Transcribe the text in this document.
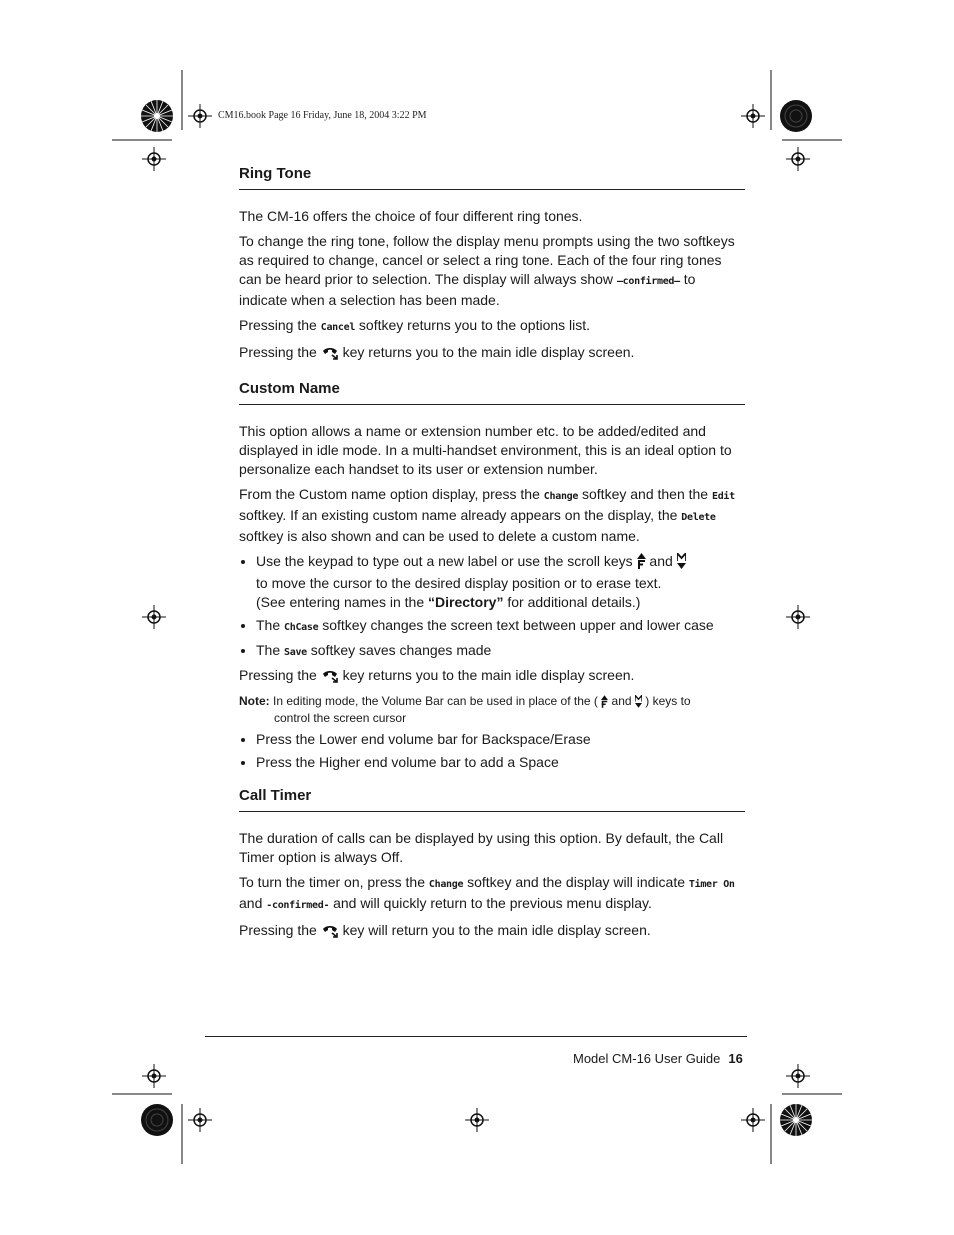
CM16.book Page 16 Friday, June 18, 2004 3:22 PM
Ring Tone

The CM-16 offers the choice of four different ring tones.

To change the ring tone, follow the display menu prompts using the two softkeys as required to change, cancel or select a ring tone. Each of the four ring tones can be heard prior to selection. The display will always show –confirmed– to indicate when a selection has been made.

Pressing the Cancel softkey returns you to the options list.

Pressing the  key returns you to the main idle display screen.

Custom Name

This option allows a name or extension number etc. to be added/edited and displayed in idle mode. In a multi-handset environment, this is an ideal option to personalize each handset to its user or extension number.

From the Custom name option display, press the Change softkey and then the Edit softkey. If an existing custom name already appears on the display, the Delete softkey is also shown and can be used to delete a custom name.

• Use the keypad to type out a new label or use the scroll keys  and
to move the cursor to the desired display position or to erase text.
(See entering names in the “Directory” for additional details.)
• The ChCase softkey changes the screen text between upper and lower case
• The Save softkey saves changes made

Pressing the  key returns you to the main idle display screen.

Note: In editing mode, the Volume Bar can be used in place of the (  and  ) keys to
control the screen cursor
• Press the Lower end volume bar for Backspace/Erase
• Press the Higher end volume bar to add a Space
Call Timer

The duration of calls can be displayed by using this option. By default, the Call Timer option is always Off.

To turn the timer on, press the Change softkey and the display will indicate Timer On and -confirmed- and will quickly return to the previous menu display.

Pressing the  key will return you to the main idle display screen.

Model CM-16 User Guide 16
